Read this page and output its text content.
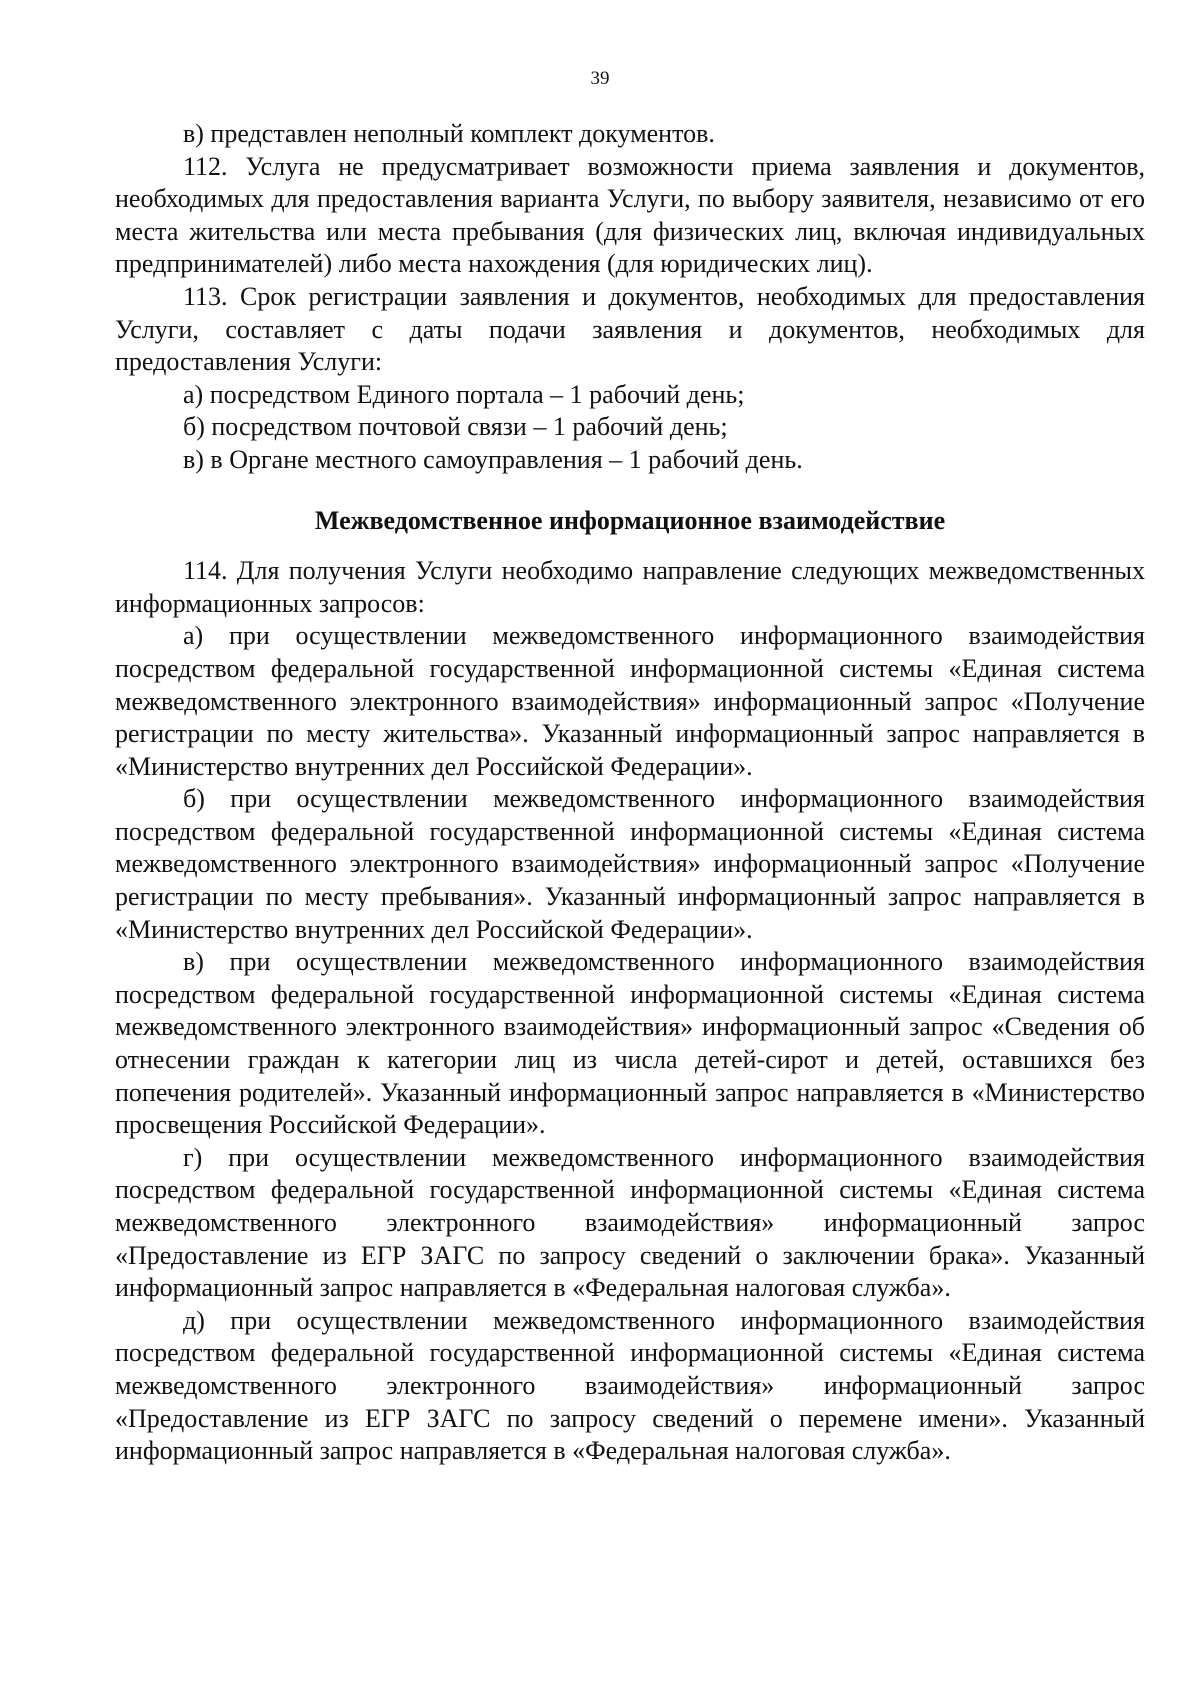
39

в) представлен неполный комплект документов.

112. Услуга не предусматривает возможности приема заявления и документов, необходимых для предоставления варианта Услуги, по выбору заявителя, независимо от его места жительства или места пребывания (для физических лиц, включая индивидуальных предпринимателей) либо места нахождения (для юридических лиц).

113. Срок регистрации заявления и документов, необходимых для предоставления Услуги, составляет с даты подачи заявления и документов, необходимых для предоставления Услуги:

а) посредством Единого портала – 1 рабочий день;

б) посредством почтовой связи – 1 рабочий день;

в) в Органе местного самоуправления – 1 рабочий день.

Межведомственное информационное взаимодействие

114. Для получения Услуги необходимо направление следующих межведомственных информационных запросов:

а) при осуществлении межведомственного информационного взаимодействия посредством федеральной государственной информационной системы «Единая система межведомственного электронного взаимодействия» информационный запрос «Получение регистрации по месту жительства». Указанный информационный запрос направляется в «Министерство внутренних дел Российской Федерации».

б) при осуществлении межведомственного информационного взаимодействия посредством федеральной государственной информационной системы «Единая система межведомственного электронного взаимодействия» информационный запрос «Получение регистрации по месту пребывания». Указанный информационный запрос направляется в «Министерство внутренних дел Российской Федерации».

в) при осуществлении межведомственного информационного взаимодействия посредством федеральной государственной информационной системы «Единая система межведомственного электронного взаимодействия» информационный запрос «Сведения об отнесении граждан к категории лиц из числа детей-сирот и детей, оставшихся без попечения родителей». Указанный информационный запрос направляется в «Министерство просвещения Российской Федерации».

г) при осуществлении межведомственного информационного взаимодействия посредством федеральной государственной информационной системы «Единая система межведомственного электронного взаимодействия» информационный запрос «Предоставление из ЕГР ЗАГС по запросу сведений о заключении брака». Указанный информационный запрос направляется в «Федеральная налоговая служба».

д) при осуществлении межведомственного информационного взаимодействия посредством федеральной государственной информационной системы «Единая система межведомственного электронного взаимодействия» информационный запрос «Предоставление из ЕГР ЗАГС по запросу сведений о перемене имени». Указанный информационный запрос направляется в «Федеральная налоговая служба».
